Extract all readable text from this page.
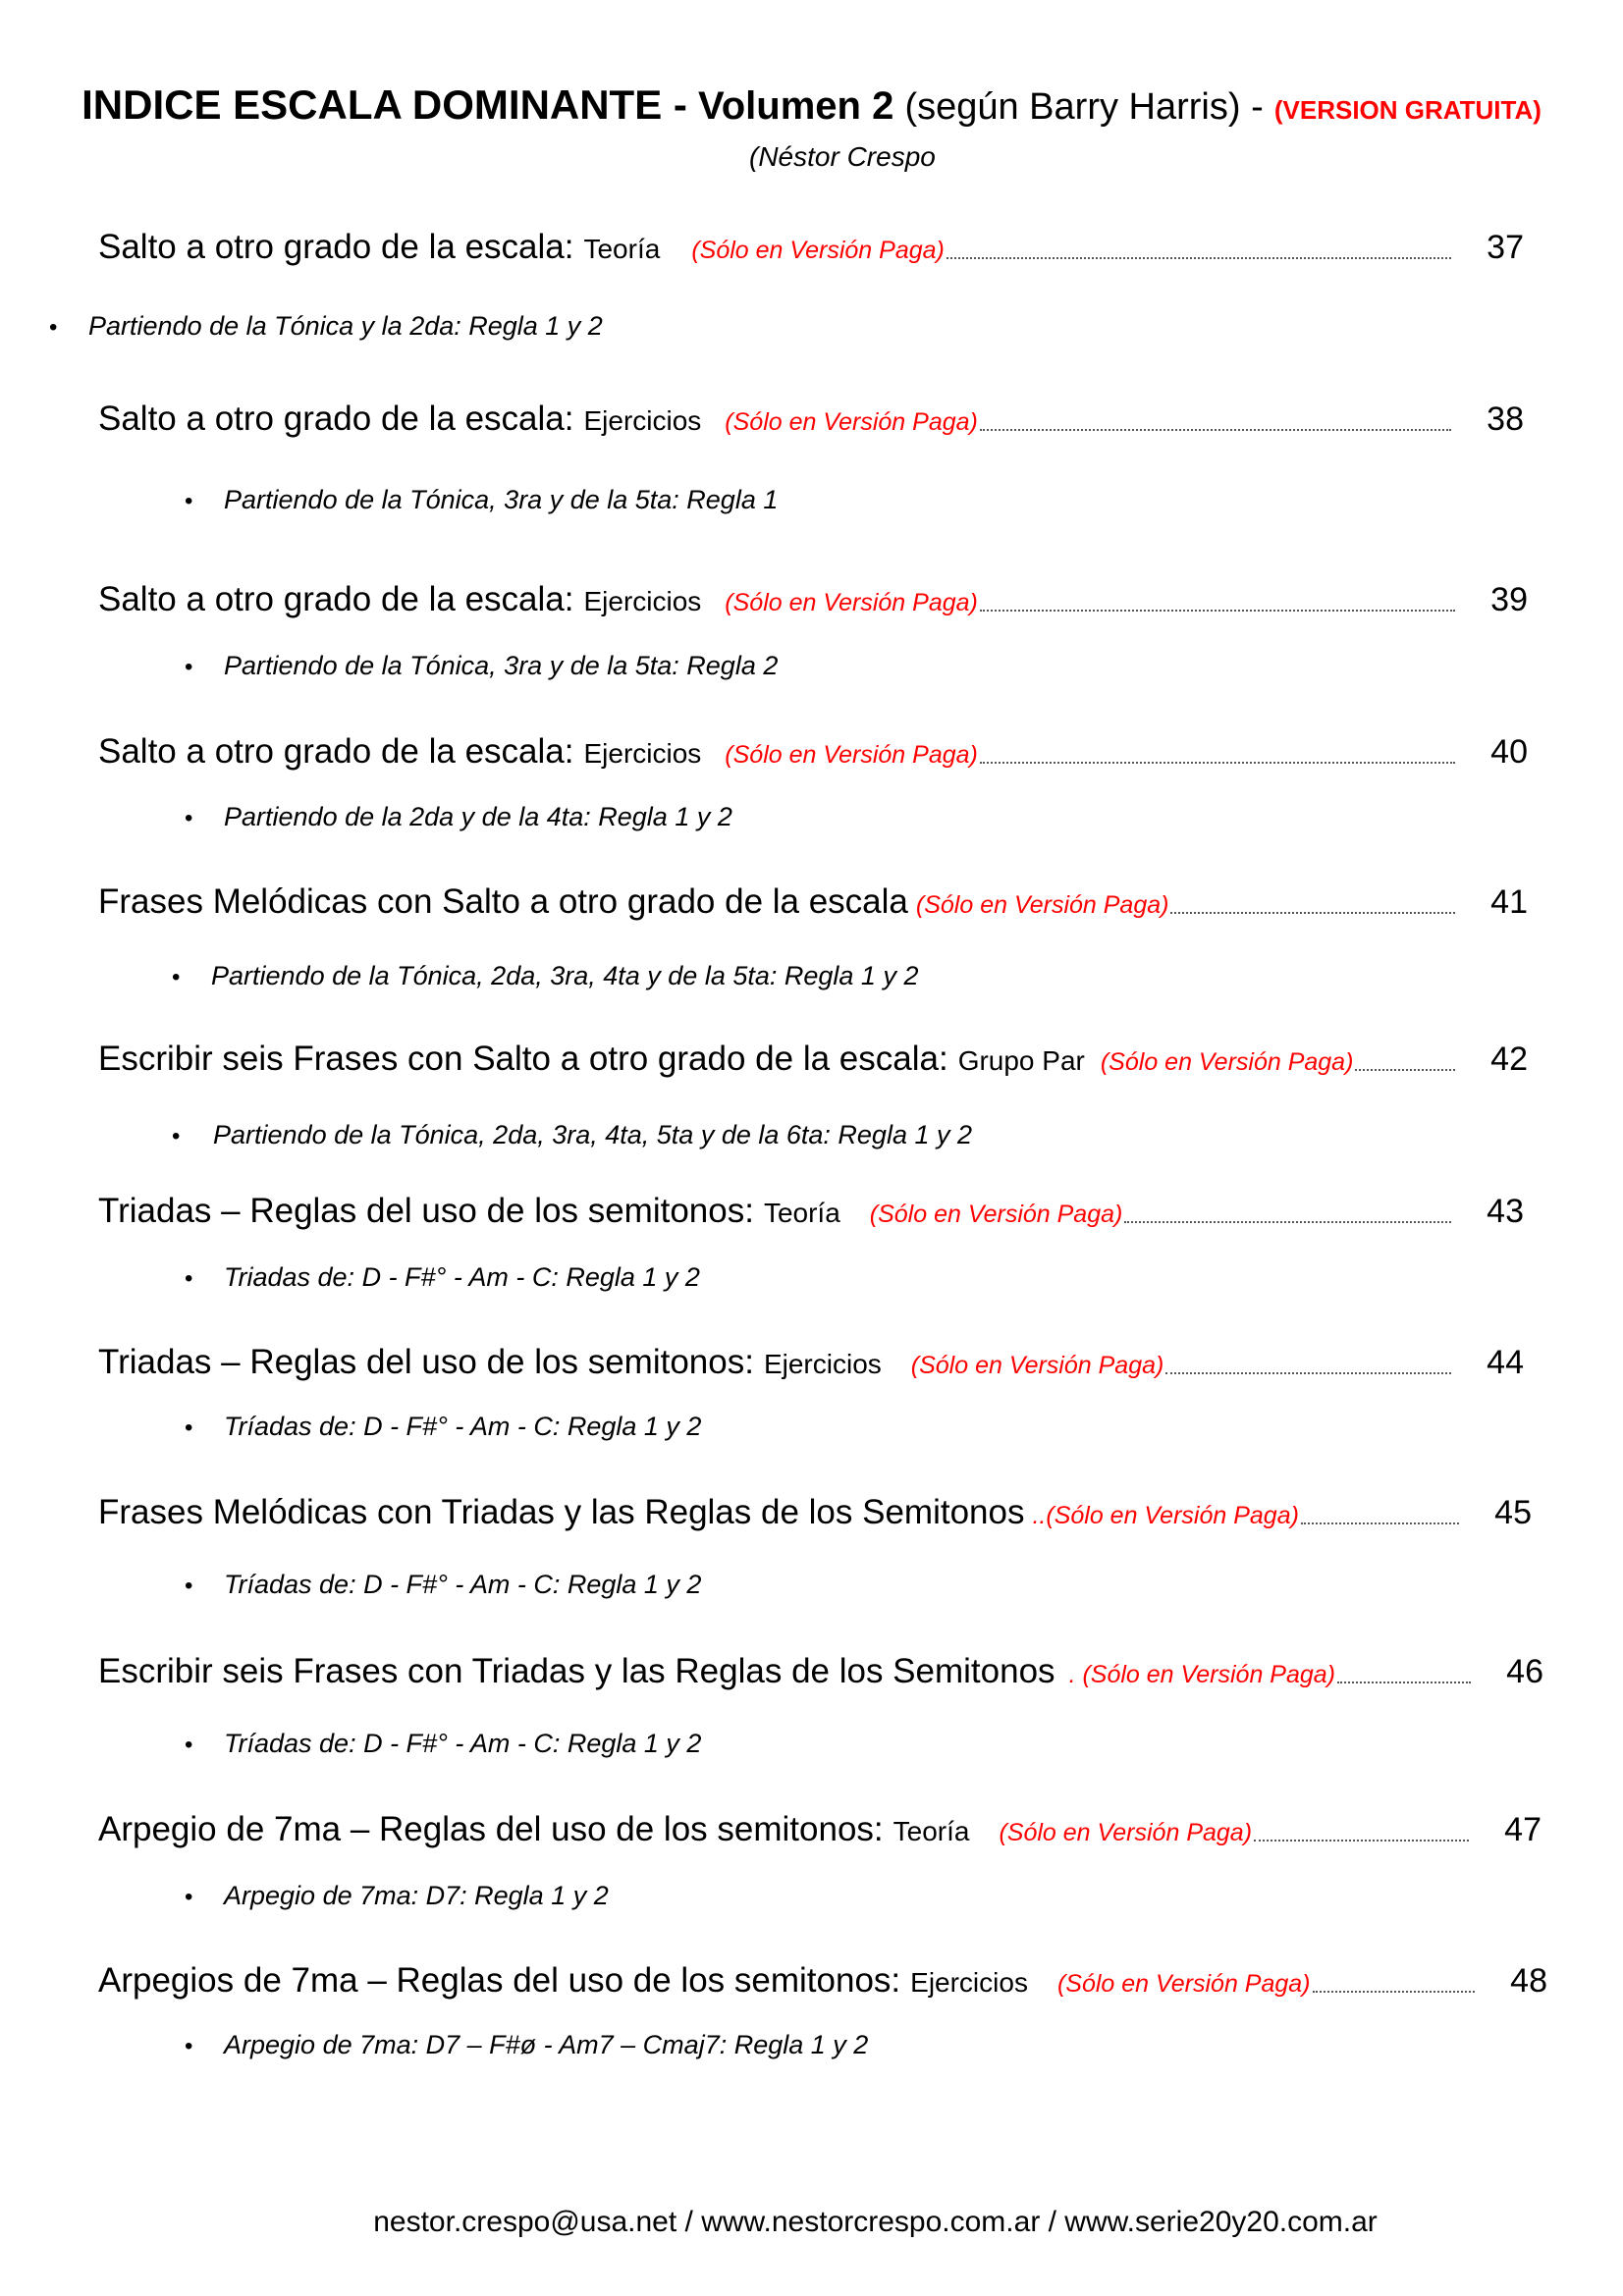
INDICE ESCALA DOMINANTE - Volumen 2 (según Barry Harris) - (VERSION GRATUITA)
(Néstor Crespo
Salto a otro grado de la escala: Teoría (Sólo en Versión Paga)	37
• Partiendo de la Tónica y la 2da: Regla 1 y 2
Salto a otro grado de la escala: Ejercicios (Sólo en Versión Paga)	38
• Partiendo de la Tónica, 3ra y de la 5ta: Regla 1
Salto a otro grado de la escala: Ejercicios (Sólo en Versión Paga)	39
• Partiendo de la Tónica, 3ra y de la 5ta: Regla 2
Salto a otro grado de la escala: Ejercicios (Sólo en Versión Paga)	40
• Partiendo de la 2da y de la 4ta: Regla 1 y 2
Frases Melódicas con Salto a otro grado de la escala (Sólo en Versión Paga)	41
• Partiendo de la Tónica, 2da, 3ra, 4ta y de la 5ta: Regla 1 y 2
Escribir seis Frases con Salto a otro grado de la escala: Grupo Par (Sólo en Versión Paga)	42
• Partiendo de la Tónica, 2da, 3ra, 4ta, 5ta y de la 6ta: Regla 1 y 2
Triadas – Reglas del uso de los semitonos: Teoría (Sólo en Versión Paga)	43
• Triadas de: D - F#° - Am - C: Regla 1 y 2
Triadas – Reglas del uso de los semitonos: Ejercicios (Sólo en Versión Paga)	44
• Tríadas de: D - F#° - Am - C: Regla 1 y 2
Frases Melódicas con Triadas y las Reglas de los Semitonos ..(Sólo en Versión Paga)	45
• Tríadas de: D - F#° - Am - C: Regla 1 y 2
Escribir seis Frases con Triadas y las Reglas de los Semitonos . (Sólo en Versión Paga)	46
• Tríadas de: D - F#° - Am - C: Regla 1 y 2
Arpegio de 7ma – Reglas del uso de los semitonos: Teoría (Sólo en Versión Paga)	47
• Arpegio de 7ma: D7: Regla 1 y 2
Arpegios de 7ma – Reglas del uso de los semitonos: Ejercicios (Sólo en Versión Paga)	48
• Arpegio de 7ma: D7 – F#ø - Am7 – Cmaj7: Regla 1 y 2
nestor.crespo@usa.net / www.nestorcrespo.com.ar / www.serie20y20.com.ar
